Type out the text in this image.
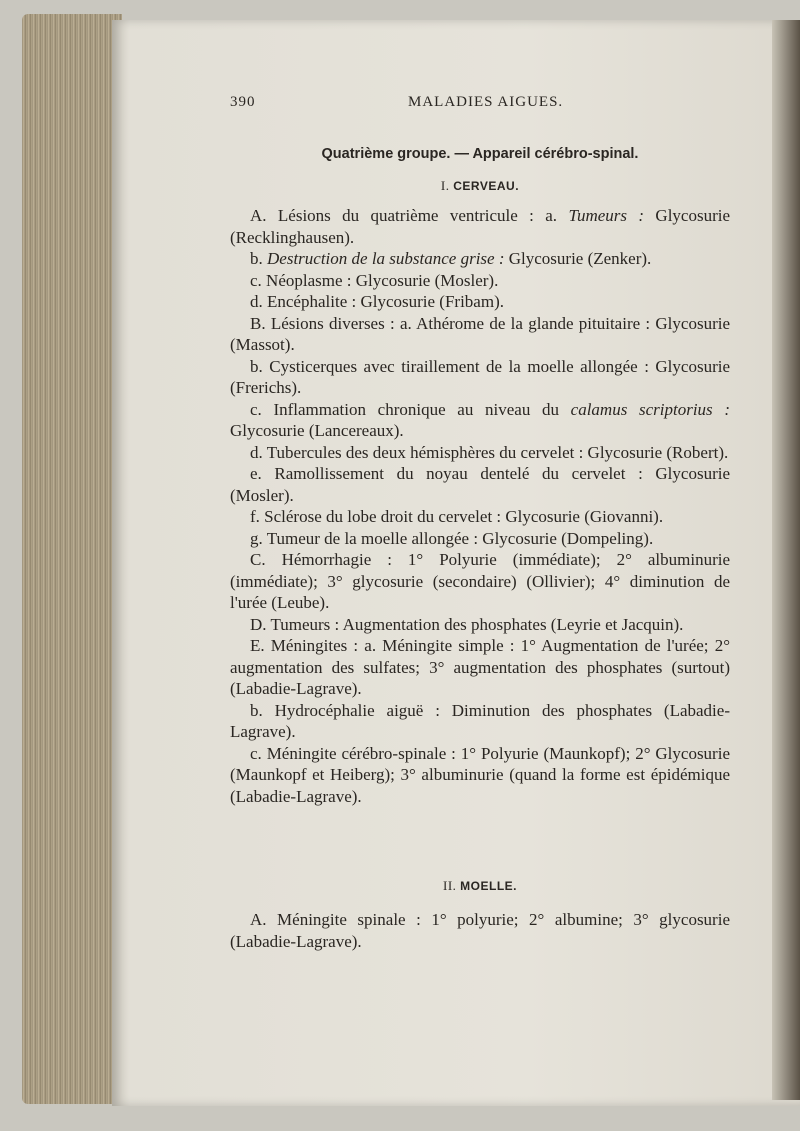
390	MALADIES AIGUES.
Quatrième groupe. — Appareil cérébro-spinal.
I. CERVEAU.

A. Lésions du quatrième ventricule : a. Tumeurs : Glycosurie (Recklinghausen).

b. Destruction de la substance grise : Glycosurie (Zenker).

c. Néoplasme : Glycosurie (Mosler).

d. Encéphalite : Glycosurie (Fribam).

B. Lésions diverses : a. Athérome de la glande pituitaire : Glycosurie (Massot).

b. Cysticerques avec tiraillement de la moelle allongée : Glycosurie (Frerichs).

c. Inflammation chronique au niveau du calamus scriptorius : Glycosurie (Lancereaux).

d. Tubercules des deux hémisphères du cervelet : Glycosurie (Robert).

e. Ramollissement du noyau dentelé du cervelet : Glycosurie (Mosler).

f. Sclérose du lobe droit du cervelet : Glycosurie (Giovanni).

g. Tumeur de la moelle allongée : Glycosurie (Dompeling).

C. Hémorrhagie : 1° Polyurie (immédiate); 2° albuminurie (immédiate); 3° glycosurie (secondaire) (Ollivier); 4° diminution de l'urée (Leube).

D. Tumeurs : Augmentation des phosphates (Leyrie et Jacquin).

E. Méningites : a. Méningite simple : 1° Augmentation de l'urée; 2° augmentation des sulfates; 3° augmentation des phosphates (surtout) (Labadie-Lagrave).

b. Hydrocéphalie aiguë : Diminution des phosphates (Labadie-Lagrave).

c. Méningite cérébro-spinale : 1° Polyurie (Maunkopf); 2° Glycosurie (Maunkopf et Heiberg); 3° albuminurie (quand la forme est épidémique (Labadie-Lagrave).

II. MOELLE.

A. Méningite spinale : 1° polyurie; 2° albumine; 3° glycosurie (Labadie-Lagrave).
